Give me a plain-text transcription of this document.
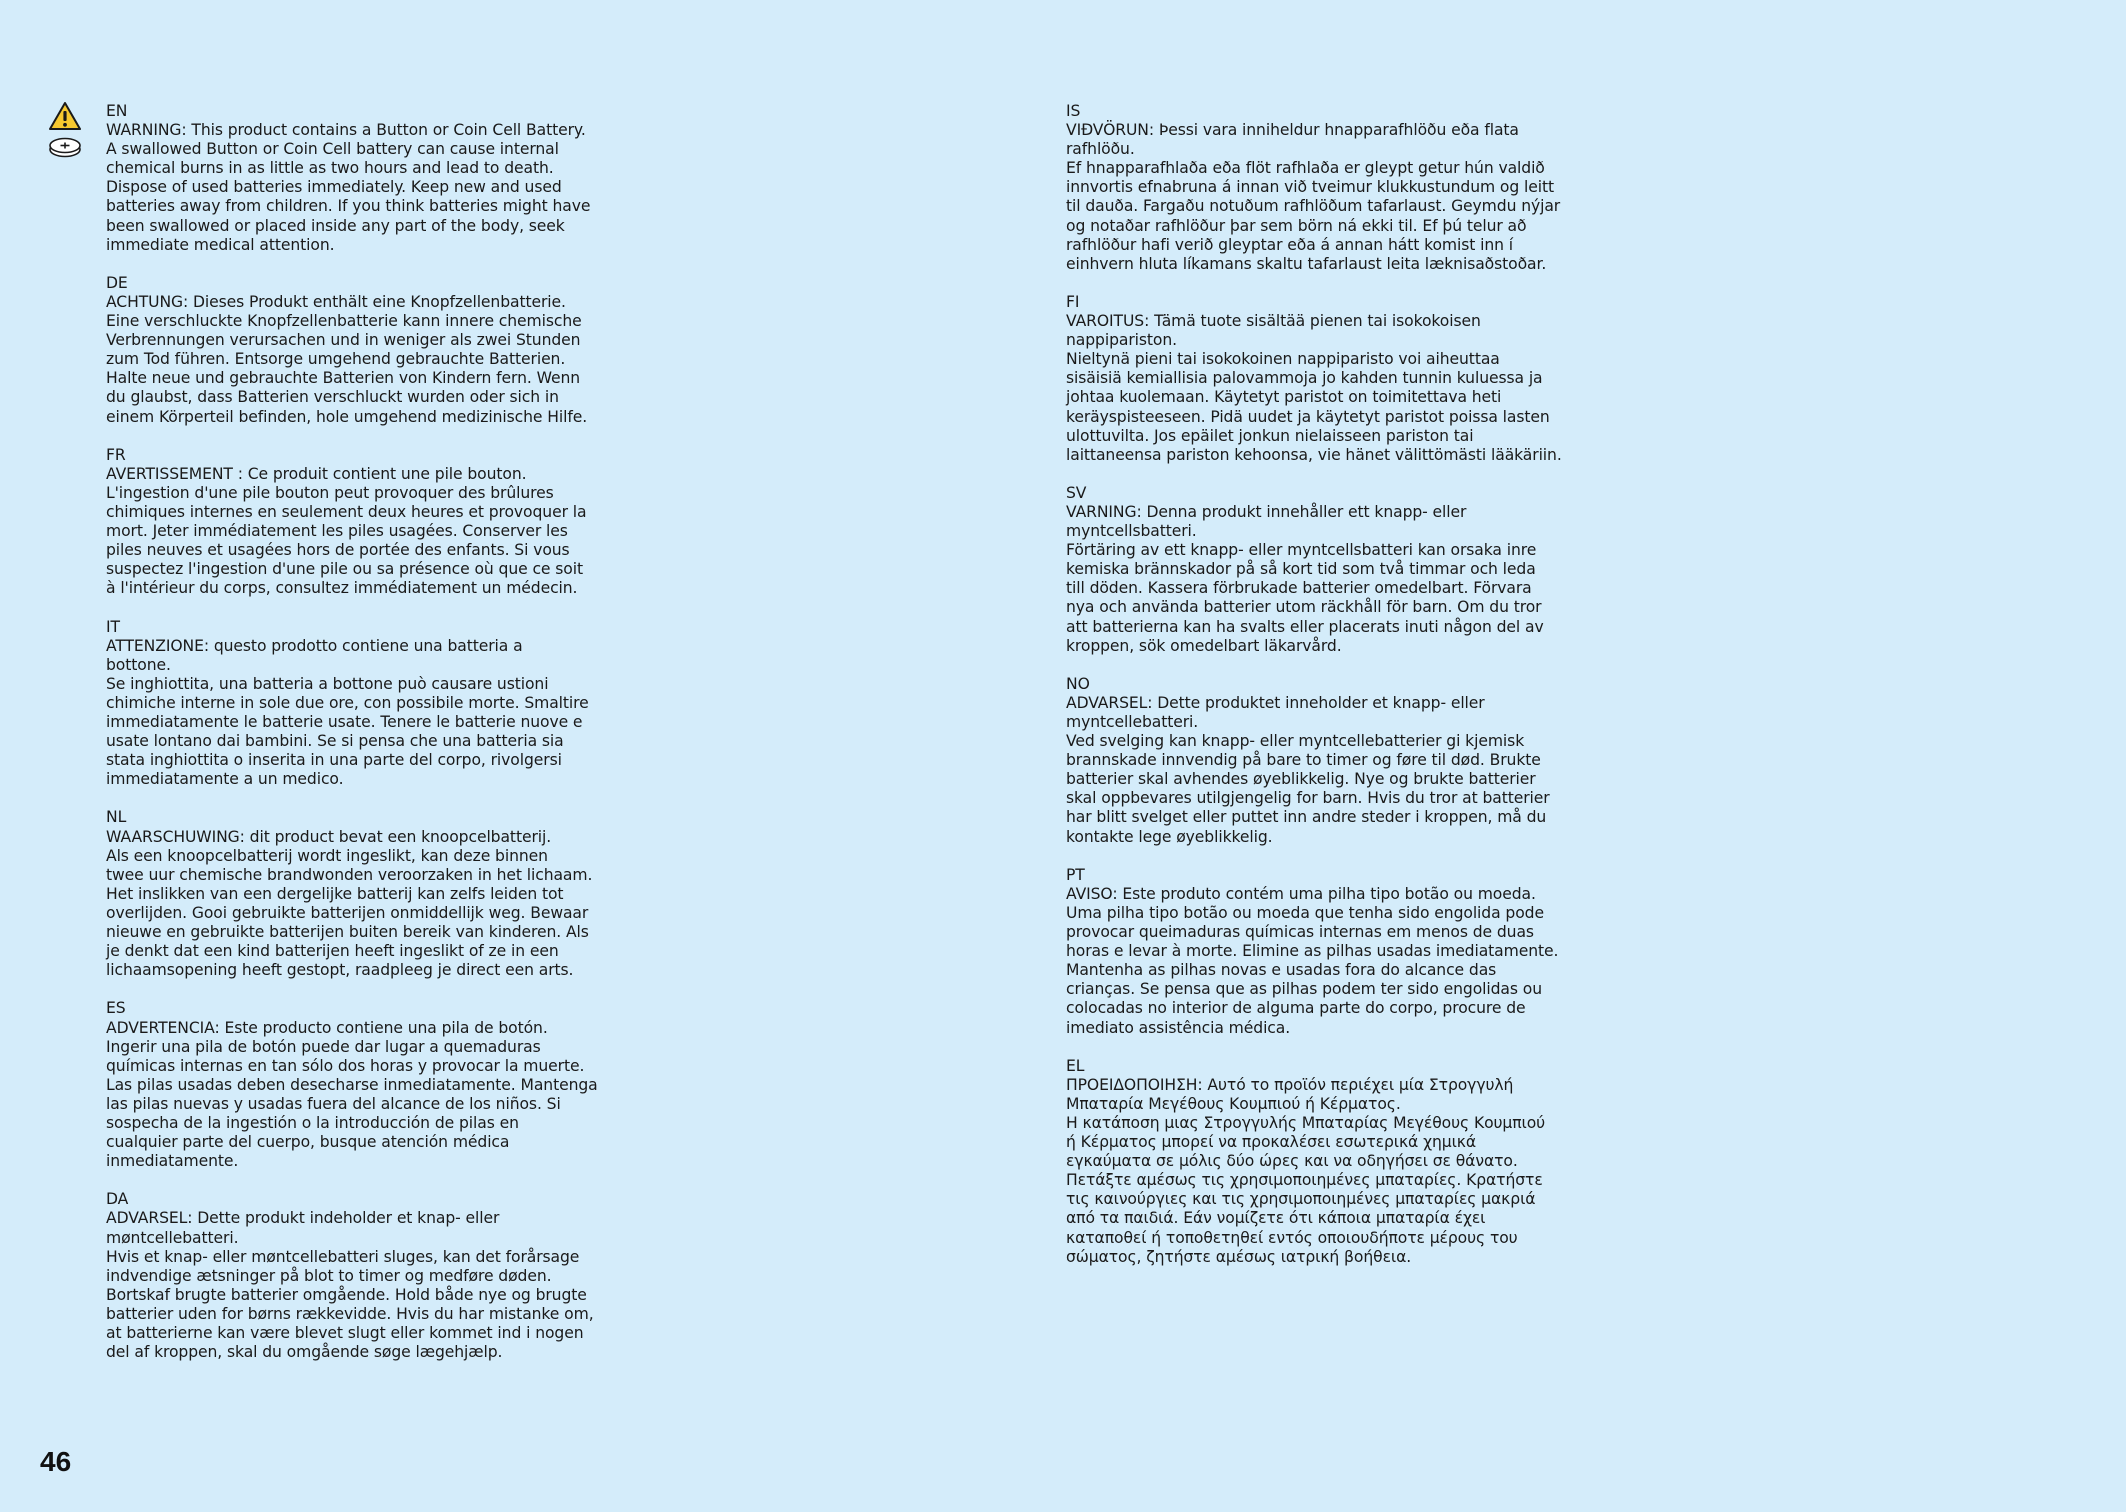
EN

WARNING: This product contains a Button or Coin Cell Battery.

A swallowed Button or Coin Cell battery can cause internal

chemical burns in as little as two hours and lead to death.

Dispose of used batteries immediately. Keep new and used

batteries away from children. If you think batteries might have

been swallowed or placed inside any part of the body, seek

immediate medical attention.

DE

ACHTUNG: Dieses Produkt enthält eine Knopfzellenbatterie.

Eine verschluckte Knopfzellenbatterie kann innere chemische

Verbrennungen verursachen und in weniger als zwei Stunden

zum Tod führen. Entsorge umgehend gebrauchte Batterien.

Halte neue und gebrauchte Batterien von Kindern fern. Wenn

du glaubst, dass Batterien verschluckt wurden oder sich in

einem Körperteil befinden, hole umgehend medizinische Hilfe.

FR

AVERTISSEMENT : Ce produit contient une pile bouton.

L'ingestion d'une pile bouton peut provoquer des brûlures

chimiques internes en seulement deux heures et provoquer la

mort. Jeter immédiatement les piles usagées. Conserver les

piles neuves et usagées hors de portée des enfants. Si vous

suspectez l'ingestion d'une pile ou sa présence où que ce soit

à l'intérieur du corps, consultez immédiatement un médecin.

IT

ATTENZIONE: questo prodotto contiene una batteria a

bottone.

Se inghiottita, una batteria a bottone può causare ustioni

chimiche interne in sole due ore, con possibile morte. Smaltire

immediatamente le batterie usate. Tenere le batterie nuove e

usate lontano dai bambini. Se si pensa che una batteria sia

stata inghiottita o inserita in una parte del corpo, rivolgersi

immediatamente a un medico.

NL

WAARSCHUWING: dit product bevat een knoopcelbatterij.

Als een knoopcelbatterij wordt ingeslikt, kan deze binnen

twee uur chemische brandwonden veroorzaken in het lichaam.

Het inslikken van een dergelijke batterij kan zelfs leiden tot

overlijden. Gooi gebruikte batterijen onmiddellijk weg. Bewaar

nieuwe en gebruikte batterijen buiten bereik van kinderen. Als

je denkt dat een kind batterijen heeft ingeslikt of ze in een

lichaamsopening heeft gestopt, raadpleeg je direct een arts.

ES

ADVERTENCIA: Este producto contiene una pila de botón.

Ingerir una pila de botón puede dar lugar a quemaduras

químicas internas en tan sólo dos horas y provocar la muerte.

Las pilas usadas deben desecharse inmediatamente. Mantenga

las pilas nuevas y usadas fuera del alcance de los niños. Si

sospecha de la ingestión o la introducción de pilas en

cualquier parte del cuerpo, busque atención médica

inmediatamente.

DA

ADVARSEL: Dette produkt indeholder et knap- eller

møntcellebatteri.

Hvis et knap- eller møntcellebatteri sluges, kan det forårsage

indvendige ætsninger på blot to timer og medføre døden.

Bortskaf brugte batterier omgående. Hold både nye og brugte

batterier uden for børns rækkevidde. Hvis du har mistanke om,

at batterierne kan være blevet slugt eller kommet ind i nogen

del af kroppen, skal du omgående søge lægehjælp.

IS

VIÐVÖRUN: Þessi vara inniheldur hnapparafhlöðu eða flata

rafhlöðu.

Ef hnapparafhlaða eða flöt rafhlaða er gleypt getur hún valdið

innvortis efnabruna á innan við tveimur klukkustundum og leitt

til dauða. Fargaðu notuðum rafhlöðum tafarlaust. Geymdu nýjar

og notaðar rafhlöður þar sem börn ná ekki til. Ef þú telur að

rafhlöður hafi verið gleyptar eða á annan hátt komist inn í

einhvern hluta líkamans skaltu tafarlaust leita læknisaðstoðar.

FI

VAROITUS: Tämä tuote sisältää pienen tai isokokoisen

nappipariston.

Nieltynä pieni tai isokokoinen nappiparisto voi aiheuttaa

sisäisiä kemiallisia palovammoja jo kahden tunnin kuluessa ja

johtaa kuolemaan. Käytetyt paristot on toimitettava heti

keräyspisteeseen. Pidä uudet ja käytetyt paristot poissa lasten

ulottuvilta. Jos epäilet jonkun nielaisseen pariston tai

laittaneensa pariston kehoonsa, vie hänet välittömästi lääkäriin.

SV

VARNING: Denna produkt innehåller ett knapp- eller

myntcellsbatteri.

Förtäring av ett knapp- eller myntcellsbatteri kan orsaka inre

kemiska brännskador på så kort tid som två timmar och leda

till döden. Kassera förbrukade batterier omedelbart. Förvara

nya och använda batterier utom räckhåll för barn. Om du tror

att batterierna kan ha svalts eller placerats inuti någon del av

kroppen, sök omedelbart läkarvård.

NO

ADVARSEL: Dette produktet inneholder et knapp- eller

myntcellebatteri.

Ved svelging kan knapp- eller myntcellebatterier gi kjemisk

brannskade innvendig på bare to timer og føre til død. Brukte

batterier skal avhendes øyeblikkelig. Nye og brukte batterier

skal oppbevares utilgjengelig for barn. Hvis du tror at batterier

har blitt svelget eller puttet inn andre steder i kroppen, må du

kontakte lege øyeblikkelig.

PT

AVISO: Este produto contém uma pilha tipo botão ou moeda.

Uma pilha tipo botão ou moeda que tenha sido engolida pode

provocar queimaduras químicas internas em menos de duas

horas e levar à morte. Elimine as pilhas usadas imediatamente.

Mantenha as pilhas novas e usadas fora do alcance das

crianças. Se pensa que as pilhas podem ter sido engolidas ou

colocadas no interior de alguma parte do corpo, procure de

imediato assistência médica.

EL

ΠΡΟΕΙΔΟΠΟΙΗΣΗ: Αυτό το προϊόν περιέχει μία Στρογγυλή

Μπαταρία Μεγέθους Κουμπιού ή Κέρματος.

Η κατάποση μιας Στρογγυλής Μπαταρίας Μεγέθους Κουμπιού

ή Κέρματος μπορεί να προκαλέσει εσωτερικά χημικά

εγκαύματα σε μόλις δύο ώρες και να οδηγήσει σε θάνατο.

Πετάξτε αμέσως τις χρησιμοποιημένες μπαταρίες. Κρατήστε

τις καινούργιες και τις χρησιμοποιημένες μπαταρίες μακριά

από τα παιδιά. Εάν νομίζετε ότι κάποια μπαταρία έχει

καταποθεί ή τοποθετηθεί εντός οποιουδήποτε μέρους του

σώματος, ζητήστε αμέσως ιατρική βοήθεια.

46
